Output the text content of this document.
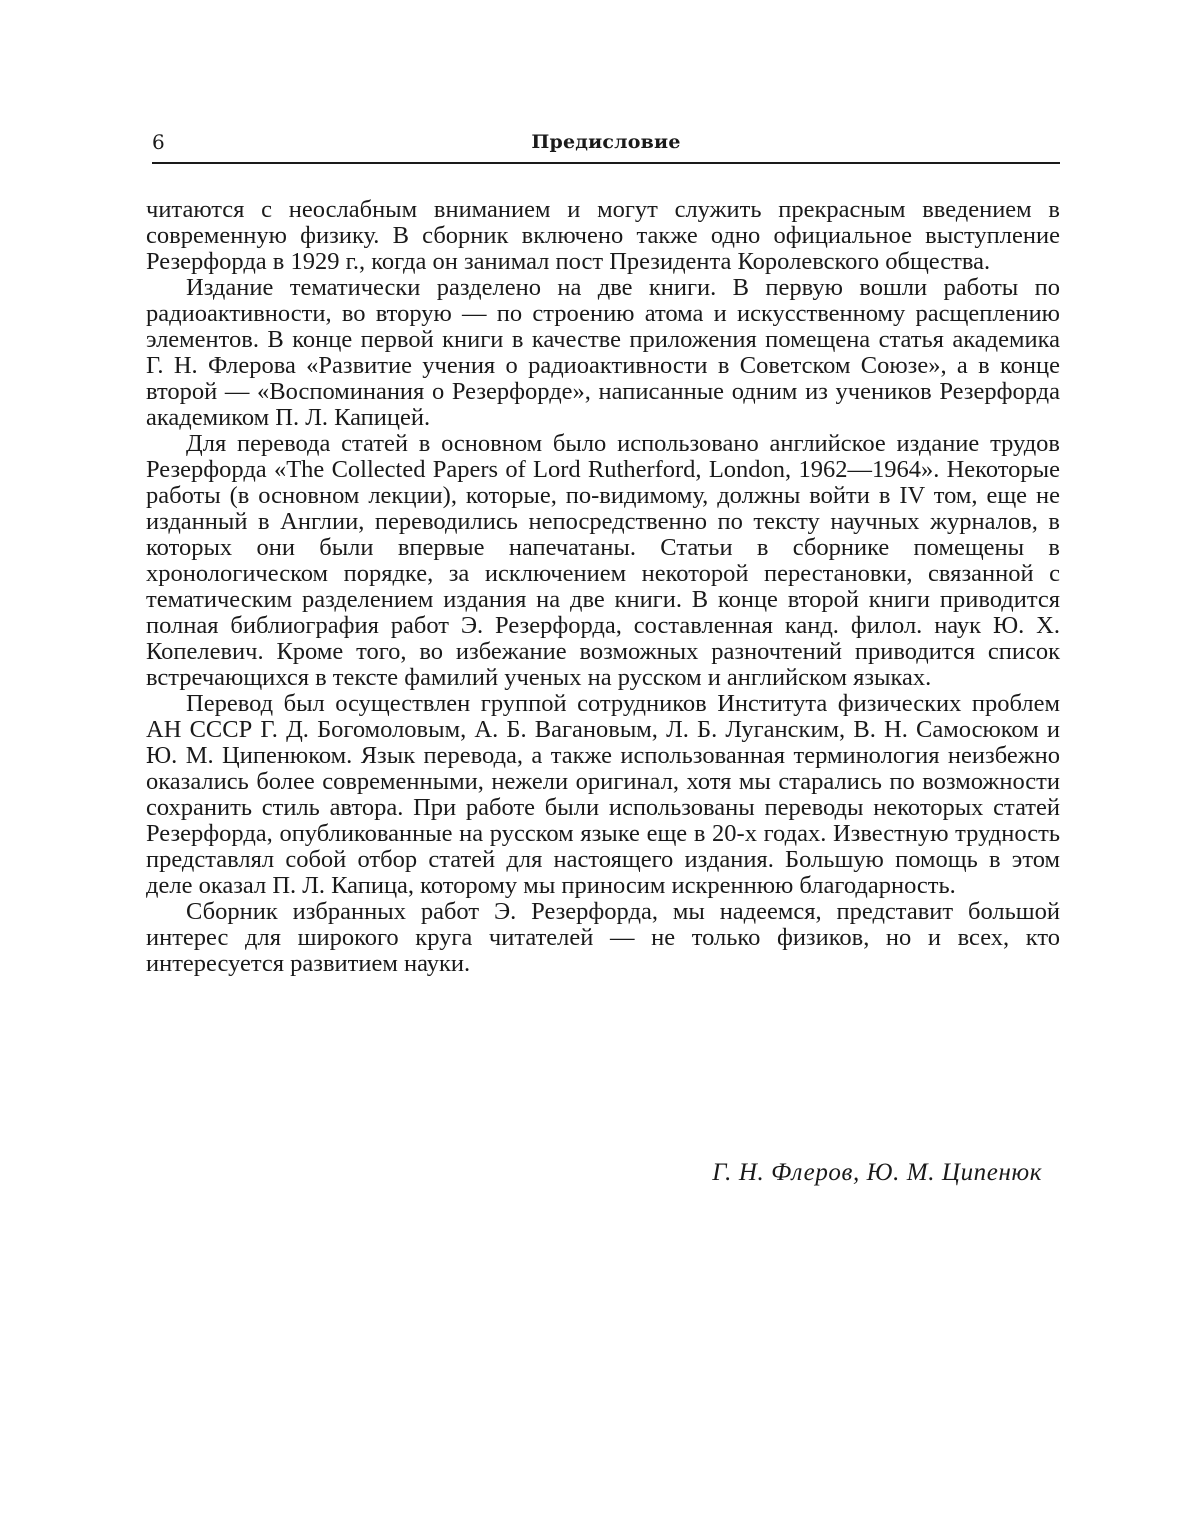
6	Предисловие

читаются с неослабным вниманием и могут служить прекрасным введением в современную физику. В сборник включено также одно официальное выступление Резерфорда в 1929 г., когда он занимал пост Президента Королевского общества.

Издание тематически разделено на две книги. В первую вошли работы по радиоактивности, во вторую — по строению атома и искусственному расщеплению элементов. В конце первой книги в качестве приложения помещена статья академика Г. Н. Флерова «Развитие учения о радиоактивности в Советском Союзе», а в конце второй — «Воспоминания о Резерфорде», написанные одним из учеников Резерфорда академиком П. Л. Капицей.

Для перевода статей в основном было использовано английское издание трудов Резерфорда «The Collected Papers of Lord Rutherford, London, 1962—1964». Некоторые работы (в основном лекции), которые, по-видимому, должны войти в IV том, еще не изданный в Англии, переводились непосредственно по тексту научных журналов, в которых они были впервые напечатаны. Статьи в сборнике помещены в хронологическом порядке, за исключением некоторой перестановки, связанной с тематическим разделением издания на две книги. В конце второй книги приводится полная библиография работ Э. Резерфорда, составленная канд. филол. наук Ю. Х. Копелевич. Кроме того, во избежание возможных разночтений приводится список встречающихся в тексте фамилий ученых на русском и английском языках.

Перевод был осуществлен группой сотрудников Института физических проблем АН СССР Г. Д. Богомоловым, А. Б. Вагановым, Л. Б. Луганским, В. Н. Самосюком и Ю. М. Ципенюком. Язык перевода, а также использованная терминология неизбежно оказались более современными, нежели оригинал, хотя мы старались по возможности сохранить стиль автора. При работе были использованы переводы некоторых статей Резерфорда, опубликованные на русском языке еще в 20-х годах. Известную трудность представлял собой отбор статей для настоящего издания. Большую помощь в этом деле оказал П. Л. Капица, которому мы приносим искреннюю благодарность.

Сборник избранных работ Э. Резерфорда, мы надеемся, представит большой интерес для широкого круга читателей — не только физиков, но и всех, кто интересуется развитием науки.

Г. Н. Флеров, Ю. М. Ципенюк
